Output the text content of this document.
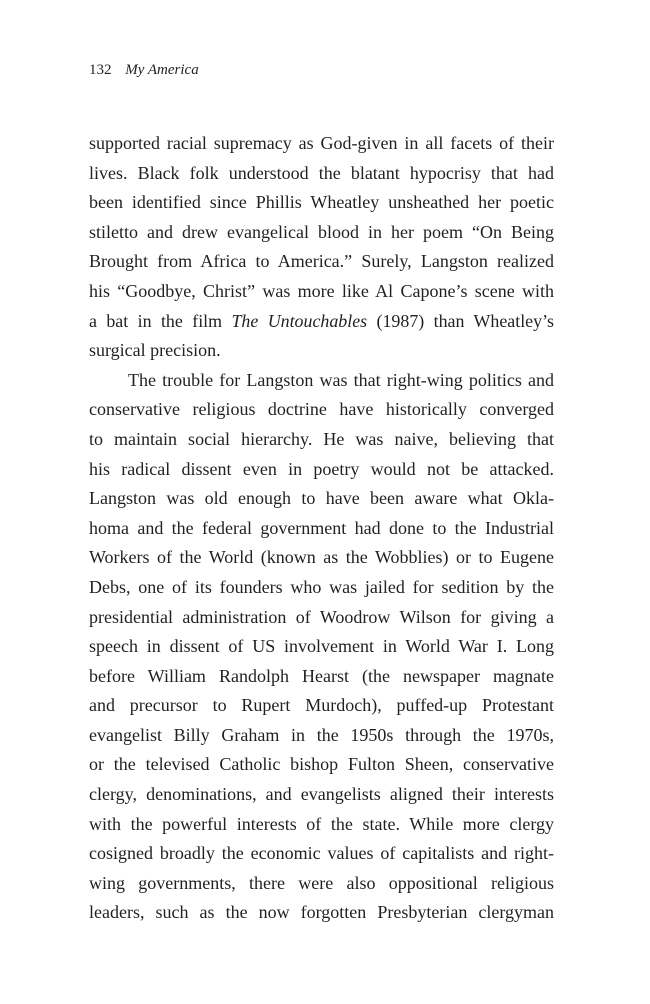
132 My America
supported racial supremacy as God-given in all facets of their
lives. Black folk understood the blatant hypocrisy that had
been identified since Phillis Wheatley unsheathed her poetic
stiletto and drew evangelical blood in her poem “On Being
Brought from Africa to America.” Surely, Langston realized
his “Goodbye, Christ” was more like Al Capone’s scene with
a bat in the film The Untouchables (1987) than Wheatley’s
surgical precision.
The trouble for Langston was that right-wing politics and
conservative religious doctrine have historically converged
to maintain social hierarchy. He was naive, believing that
his radical dissent even in poetry would not be attacked.
Langston was old enough to have been aware what Okla-
homa and the federal government had done to the Industrial
Workers of the World (known as the Wobblies) or to Eugene
Debs, one of its founders who was jailed for sedition by the
presidential administration of Woodrow Wilson for giving a
speech in dissent of US involvement in World War I. Long
before William Randolph Hearst (the newspaper magnate
and precursor to Rupert Murdoch), puffed-up Protestant
evangelist Billy Graham in the 1950s through the 1970s,
or the televised Catholic bishop Fulton Sheen, conservative
clergy, denominations, and evangelists aligned their interests
with the powerful interests of the state. While more clergy
cosigned broadly the economic values of capitalists and right-
wing governments, there were also oppositional religious
leaders, such as the now forgotten Presbyterian clergyman
